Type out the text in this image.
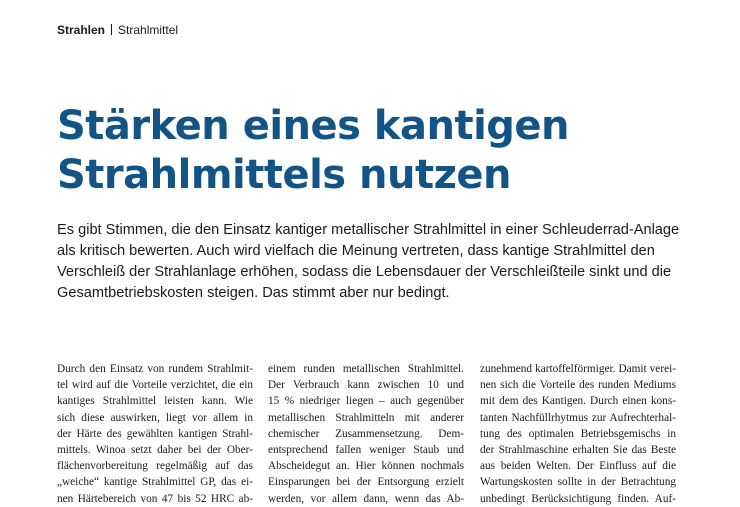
Strahlen Strahlmittel
Stärken eines kantigen
Strahlmittels nutzen

Es gibt Stimmen, die den Einsatz kantiger metallischer Strahlmittel in einer Schleuderrad-Anlage
als kritisch bewerten. Auch wird vielfach die Meinung vertreten, dass kantige Strahlmittel den
Verschleiß der Strahlanlage erhöhen, sodass die Lebensdauer der Verschleißteile sinkt und die
Gesamtbetriebskosten steigen. Das stimmt aber nur bedingt.

Durch den Einsatz von rundem Strahlmit-
tel wird auf die Vorteile verzichtet, die ein
kantiges Strahlmittel leisten kann. Wie
sich diese auswirken, liegt vor allem in
der Härte des gewählten kantigen Strahl-
mittels. Winoa setzt daher bei der Ober-
flächenvorbereitung regelmäßig auf das
„weiche“ kantige Strahlmittel GP, das ei-
nen Härtebereich von 47 bis 52 HRC ab-
einem runden metallischen Strahlmittel.
Der Verbrauch kann zwischen 10 und
15 % niedriger liegen – auch gegenüber
metallischen Strahlmitteln mit anderer
chemischer Zusammensetzung. Dem-
entsprechend fallen weniger Staub und
Abscheidegut an. Hier können nochmals
Einsparungen bei der Entsorgung erzielt
werden, vor allem dann, wenn das Ab-
zunehmend kartoffelförmiger. Damit verei-
nen sich die Vorteile des runden Mediums
mit dem des Kantigen. Durch einen kons-
tanten Nachfüllrhytmus zur Aufrechterhal-
tung des optimalen Betriebsgemischs in
der Strahlmaschine erhalten Sie das Beste
aus beiden Welten. Der Einfluss auf die
Wartungskosten sollte in der Betrachtung
unbedingt Berücksichtigung finden. Auf-
